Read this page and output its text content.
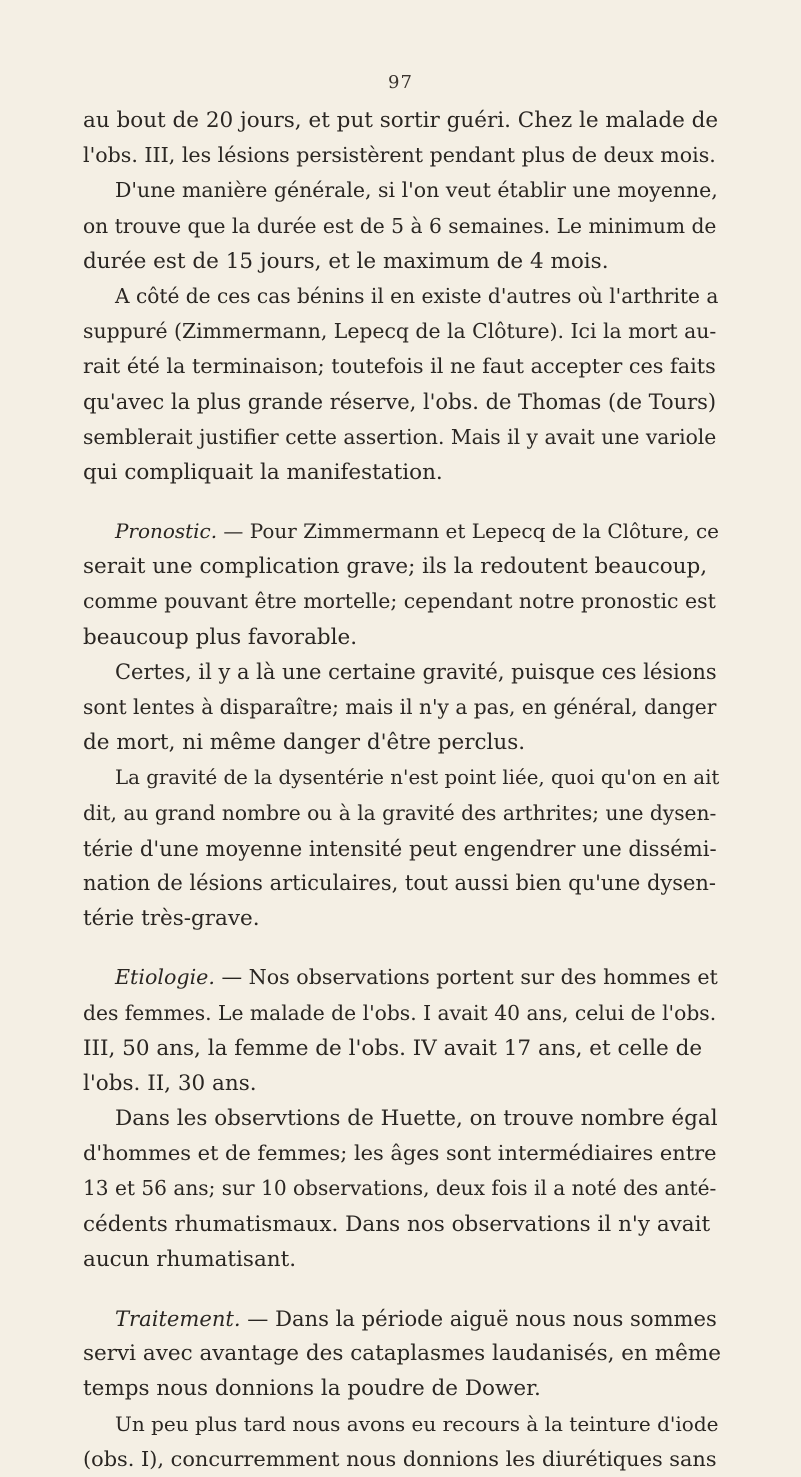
97
au bout de 20 jours, et put sortir guéri. Chez le malade de
l'obs. III, les lésions persistèrent pendant plus de deux mois.
D'une manière générale, si l'on veut établir une moyenne,
on trouve que la durée est de 5 à 6 semaines. Le minimum de
durée est de 15 jours, et le maximum de 4 mois.
A côté de ces cas bénins il en existe d'autres où l'arthrite a
suppuré (Zimmermann, Lepecq de la Clôture). Ici la mort au-
rait été la terminaison; toutefois il ne faut accepter ces faits
qu'avec la plus grande réserve, l'obs. de Thomas (de Tours)
semblerait justifier cette assertion. Mais il y avait une variole
qui compliquait la manifestation.
Pronostic. — Pour Zimmermann et Lepecq de la Clôture, ce
serait une complication grave; ils la redoutent beaucoup,
comme pouvant être mortelle; cependant notre pronostic est
beaucoup plus favorable.
Certes, il y a là une certaine gravité, puisque ces lésions
sont lentes à disparaître; mais il n'y a pas, en général, danger
de mort, ni même danger d'être perclus.
La gravité de la dysentérie n'est point liée, quoi qu'on en ait
dit, au grand nombre ou à la gravité des arthrites; une dysen-
térie d'une moyenne intensité peut engendrer une dissémi-
nation de lésions articulaires, tout aussi bien qu'une dysen-
térie très-grave.
Etiologie. — Nos observations portent sur des hommes et
des femmes. Le malade de l'obs. I avait 40 ans, celui de l'obs.
III, 50 ans, la femme de l'obs. IV avait 17 ans, et celle de
l'obs. II, 30 ans.
Dans les observtions de Huette, on trouve nombre égal
d'hommes et de femmes; les âges sont intermédiaires entre
13 et 56 ans; sur 10 observations, deux fois il a noté des anté-
cédents rhumatismaux. Dans nos observations il n'y avait
aucun rhumatisant.
Traitement. — Dans la période aiguë nous nous sommes
servi avec avantage des cataplasmes laudanisés, en même
temps nous donnions la poudre de Dower.
Un peu plus tard nous avons eu recours à la teinture d'iode
(obs. I), concurremment nous donnions les diurétiques sans
